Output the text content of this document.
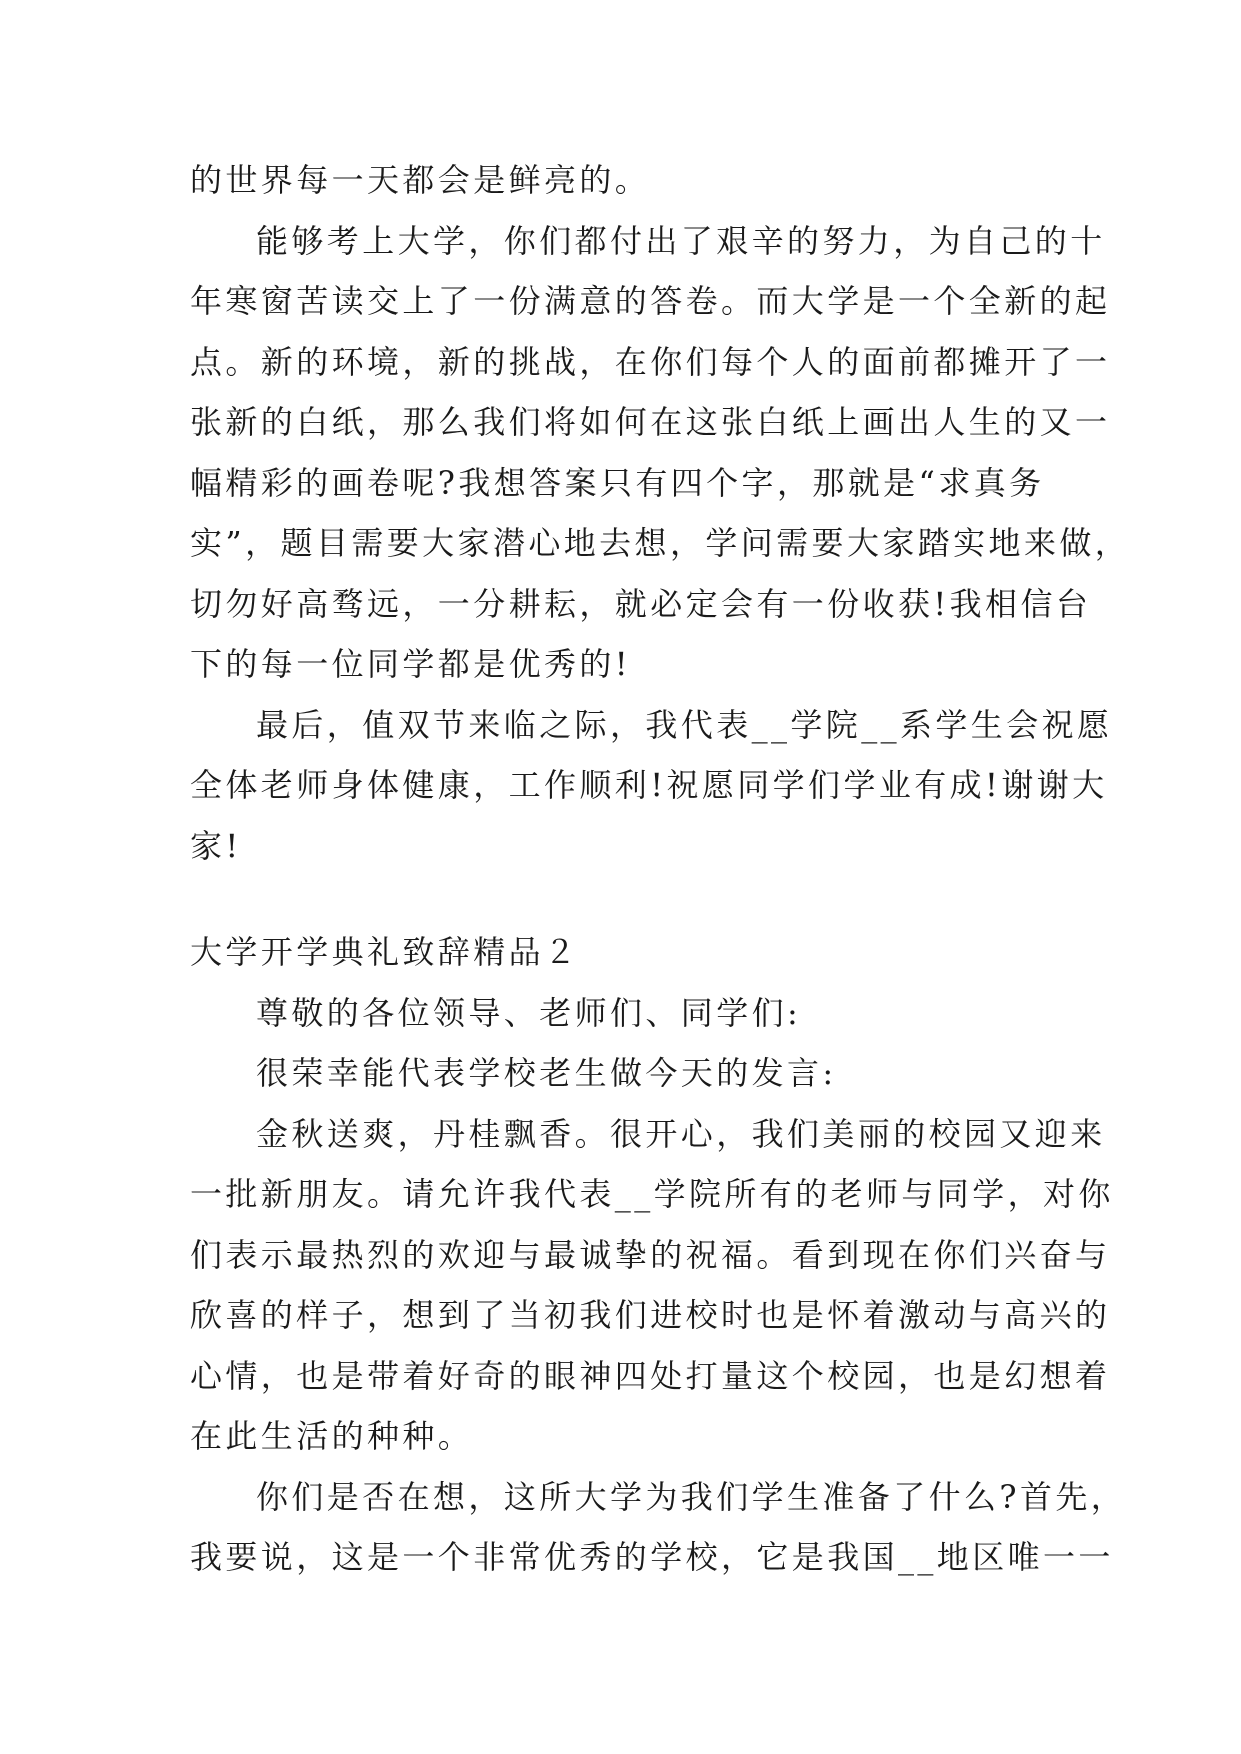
的世界每一天都会是鲜亮的。
能够考上大学，你们都付出了艰辛的努力，为自己的十
年寒窗苦读交上了一份满意的答卷。而大学是一个全新的起
点。新的环境，新的挑战，在你们每个人的面前都摊开了一
张新的白纸，那么我们将如何在这张白纸上画出人生的又一
幅精彩的画卷呢?我想答案只有四个字，那就是“求真务
实”，题目需要大家潜心地去想，学问需要大家踏实地来做，
切勿好高骛远，一分耕耘，就必定会有一份收获!我相信台
下的每一位同学都是优秀的!
最后，值双节来临之际，我代表__学院__系学生会祝愿
全体老师身体健康，工作顺利!祝愿同学们学业有成!谢谢大
家!
大学开学典礼致辞精品２
尊敬的各位领导、老师们、同学们:
很荣幸能代表学校老生做今天的发言:
金秋送爽，丹桂飘香。很开心，我们美丽的校园又迎来
一批新朋友。请允许我代表__学院所有的老师与同学，对你
们表示最热烈的欢迎与最诚挚的祝福。看到现在你们兴奋与
欣喜的样子，想到了当初我们进校时也是怀着激动与高兴的
心情，也是带着好奇的眼神四处打量这个校园，也是幻想着
在此生活的种种。
你们是否在想，这所大学为我们学生准备了什么?首先，
我要说，这是一个非常优秀的学校，它是我国__地区唯一一
